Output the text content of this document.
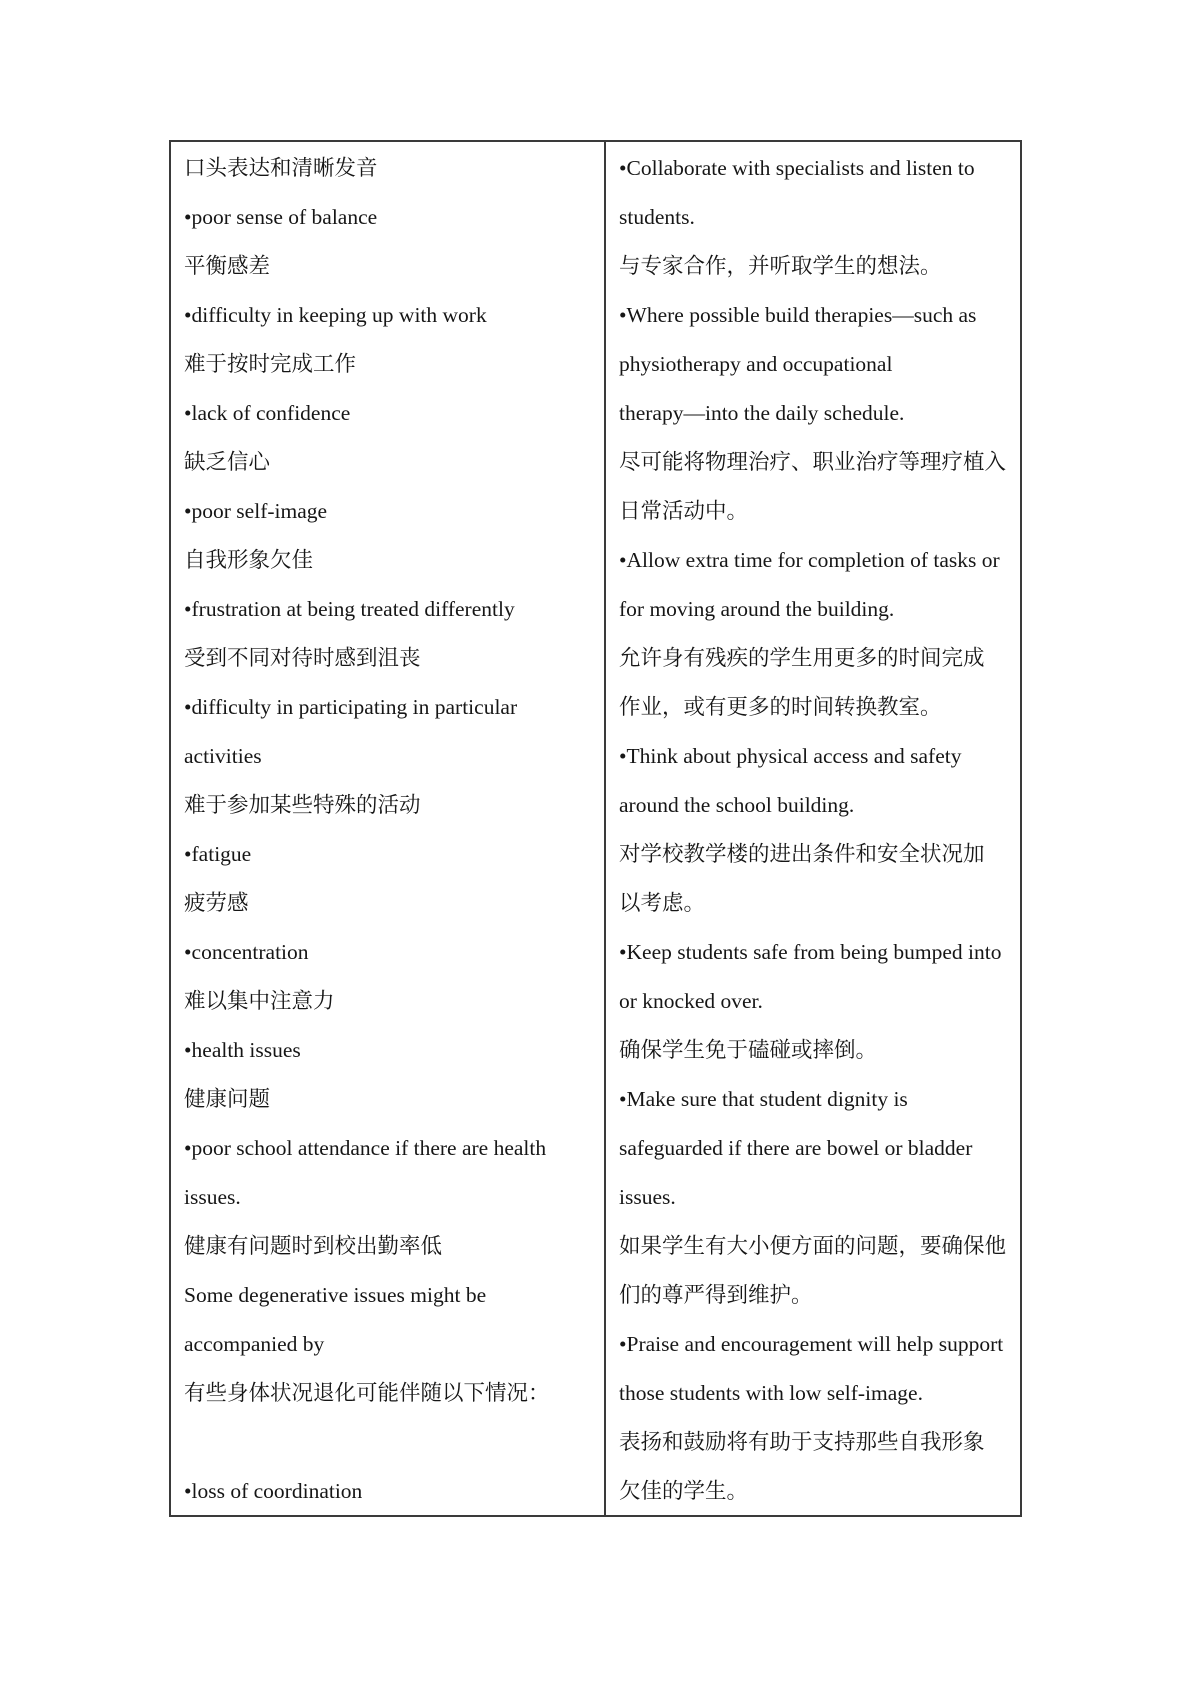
口头表达和清晰发音

•poor sense of balance

平衡感差

•difficulty in keeping up with work

难于按时完成工作

•lack of confidence

缺乏信心

•poor self-image

自我形象欠佳

•frustration at being treated differently

受到不同对待时感到沮丧

•difficulty in participating in particular

activities

难于参加某些特殊的活动

•fatigue

疲劳感

•concentration

难以集中注意力

•health issues

健康问题

•poor school attendance if there are health

issues.

健康有问题时到校出勤率低

Some degenerative issues might be

accompanied by

有些身体状况退化可能伴随以下情况：

•loss of coordination

•Collaborate with specialists and listen to

students.

与专家合作，并听取学生的想法。

•Where possible build therapies—such as

physiotherapy and occupational

therapy—into the daily schedule.

尽可能将物理治疗、职业治疗等理疗植入

日常活动中。

•Allow extra time for completion of tasks or

for moving around the building.

允许身有残疾的学生用更多的时间完成

作业，或有更多的时间转换教室。

•Think about physical access and safety

around the school building.

对学校教学楼的进出条件和安全状况加

以考虑。

•Keep students safe from being bumped into

or knocked over.

确保学生免于磕碰或摔倒。

•Make sure that student dignity is

safeguarded if there are bowel or bladder

issues.

如果学生有大小便方面的问题，要确保他

们的尊严得到维护。

•Praise and encouragement will help support

those students with low self-image.

表扬和鼓励将有助于支持那些自我形象

欠佳的学生。
